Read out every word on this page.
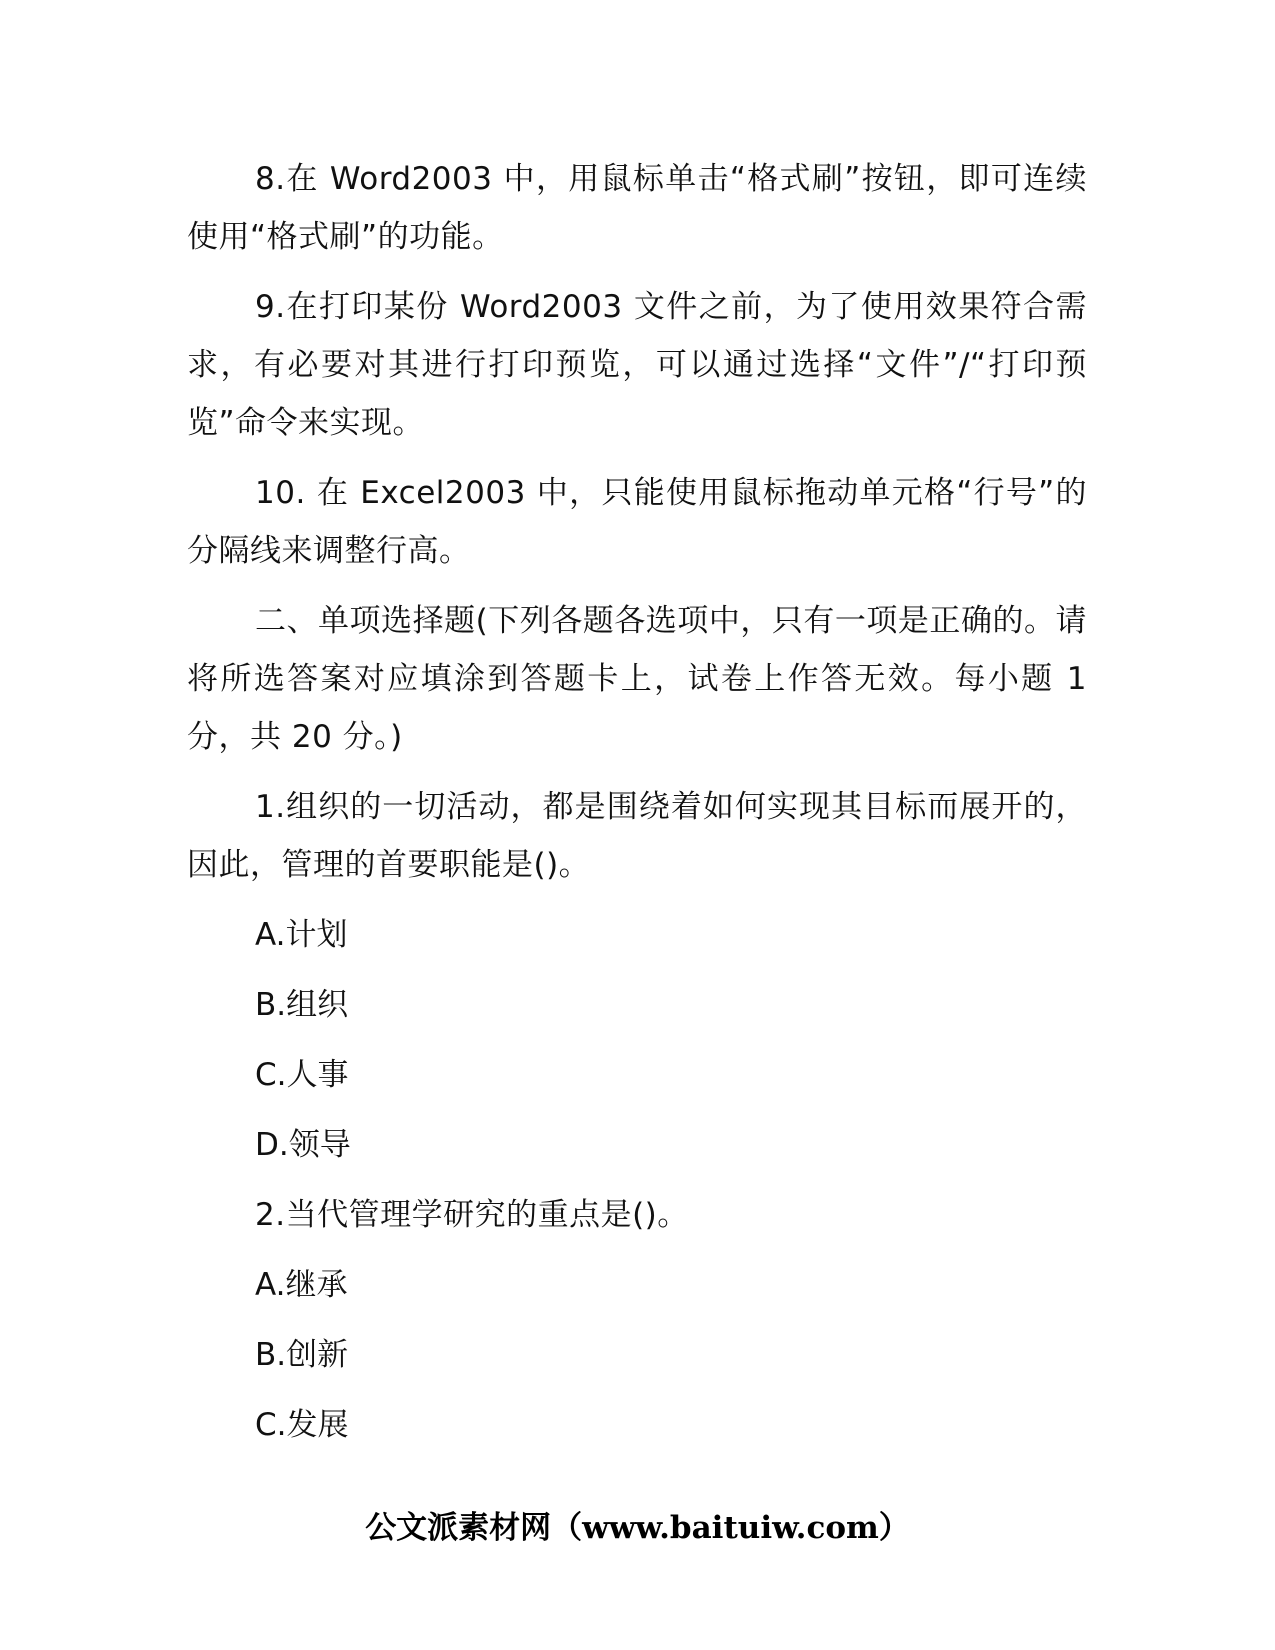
8.在 Word2003 中，用鼠标单击“格式刷”按钮，即可连续使用“格式刷”的功能。

9.在打印某份 Word2003 文件之前，为了使用效果符合需求，有必要对其进行打印预览，可以通过选择“文件”/“打印预览”命令来实现。

10. 在 Excel2003 中，只能使用鼠标拖动单元格“行号”的分隔线来调整行高。

二、单项选择题(下列各题各选项中，只有一项是正确的。请将所选答案对应填涂到答题卡上，试卷上作答无效。每小题 1 分，共 20 分。)

1.组织的一切活动，都是围绕着如何实现其目标而展开的，因此，管理的首要职能是()。

A.计划
B.组织
C.人事
D.领导

2.当代管理学研究的重点是()。

A.继承
B.创新
C.发展
公文派素材网（www.baituiw.com）
